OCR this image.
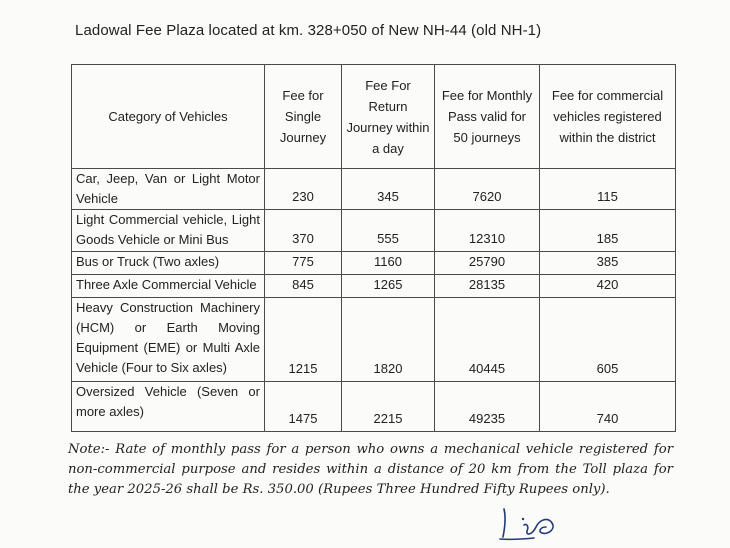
Ladowal Fee Plaza located at km. 328+050 of New NH-44 (old NH-1)
Category of Vehicles	Fee for Single Journey	Fee For Return Journey within a day	Fee for Monthly Pass valid for 50 journeys	Fee for commercial vehicles registered within the district
Car, Jeep, Van or Light Motor Vehicle	230	345	7620	115
Light Commercial vehicle, Light Goods Vehicle or Mini Bus	370	555	12310	185
Bus or Truck (Two axles)	775	1160	25790	385
Three Axle Commercial Vehicle	845	1265	28135	420
Heavy Construction Machinery (HCM) or Earth Moving Equipment (EME) or Multi Axle Vehicle (Four to Six axles)	1215	1820	40445	605
Oversized Vehicle (Seven or more axles)	1475	2215	49235	740
Note:- Rate of monthly pass for a person who owns a mechanical vehicle registered for non-commercial purpose and resides within a distance of 20 km from the Toll plaza for the year 2025-26 shall be Rs. 350.00 (Rupees Three Hundred Fifty Rupees only).
